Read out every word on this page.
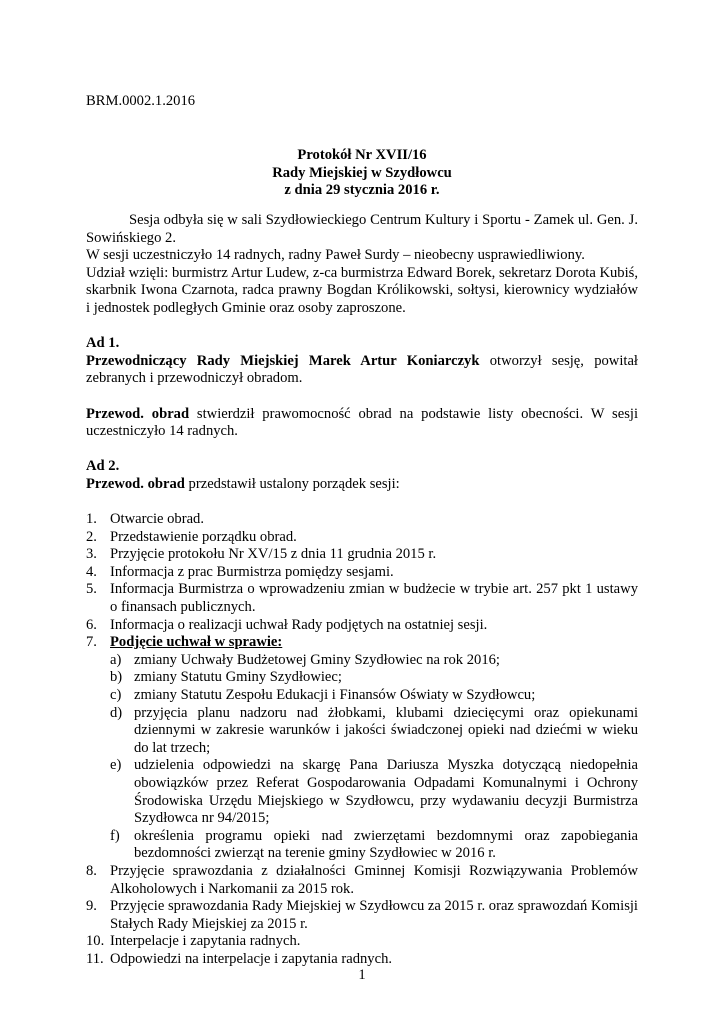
BRM.0002.1.2016
Protokół Nr XVII/16
Rady Miejskiej w Szydłowcu
z dnia 29 stycznia 2016 r.

Sesja odbyła się w sali Szydłowieckiego Centrum Kultury i Sportu - Zamek ul. Gen. J. Sowińskiego 2.

W sesji uczestniczyło 14 radnych, radny Paweł Surdy – nieobecny usprawiedliwiony.

Udział wzięli: burmistrz Artur Ludew, z-ca burmistrza Edward Borek, sekretarz Dorota Kubiś, skarbnik Iwona Czarnota, radca prawny Bogdan Królikowski, sołtysi, kierownicy wydziałów i jednostek podległych Gminie oraz osoby zaproszone.

Ad 1.

Przewodniczący Rady Miejskiej Marek Artur Koniarczyk otworzył sesję, powitał zebranych i przewodniczył obradom.

Przewod. obrad stwierdził prawomocność obrad na podstawie listy obecności. W sesji uczestniczyło 14 radnych.

Ad 2.

Przewod. obrad przedstawił ustalony porządek sesji:

1. Otwarcie obrad.
2. Przedstawienie porządku obrad.
3. Przyjęcie protokołu Nr XV/15 z dnia 11 grudnia 2015 r.
4. Informacja z prac Burmistrza pomiędzy sesjami.
5. Informacja Burmistrza o wprowadzeniu zmian w budżecie w trybie art. 257 pkt 1 ustawy o finansach publicznych.
6. Informacja o realizacji uchwał Rady podjętych na ostatniej sesji.
7. Podjęcie uchwał w sprawie:
a) zmiany Uchwały Budżetowej Gminy Szydłowiec na rok 2016;
b) zmiany Statutu Gminy Szydłowiec;
c) zmiany Statutu Zespołu Edukacji i Finansów Oświaty w Szydłowcu;
d) przyjęcia planu nadzoru nad żłobkami, klubami dziecięcymi oraz opiekunami dziennymi w zakresie warunków i jakości świadczonej opieki nad dziećmi w wieku do lat trzech;
e) udzielenia odpowiedzi na skargę Pana Dariusza Myszka dotyczącą niedopełnia obowiązków przez Referat Gospodarowania Odpadami Komunalnymi i Ochrony Środowiska Urzędu Miejskiego w Szydłowcu, przy wydawaniu decyzji Burmistrza Szydłowca nr 94/2015;
f) określenia programu opieki nad zwierzętami bezdomnymi oraz zapobiegania bezdomności zwierząt na terenie gminy Szydłowiec w 2016 r.
8. Przyjęcie sprawozdania z działalności Gminnej Komisji Rozwiązywania Problemów Alkoholowych i Narkomanii za 2015 rok.
9. Przyjęcie sprawozdania Rady Miejskiej w Szydłowcu za 2015 r. oraz sprawozdań Komisji Stałych Rady Miejskiej za 2015 r.
10. Interpelacje i zapytania radnych.
11. Odpowiedzi na interpelacje i zapytania radnych.
1
